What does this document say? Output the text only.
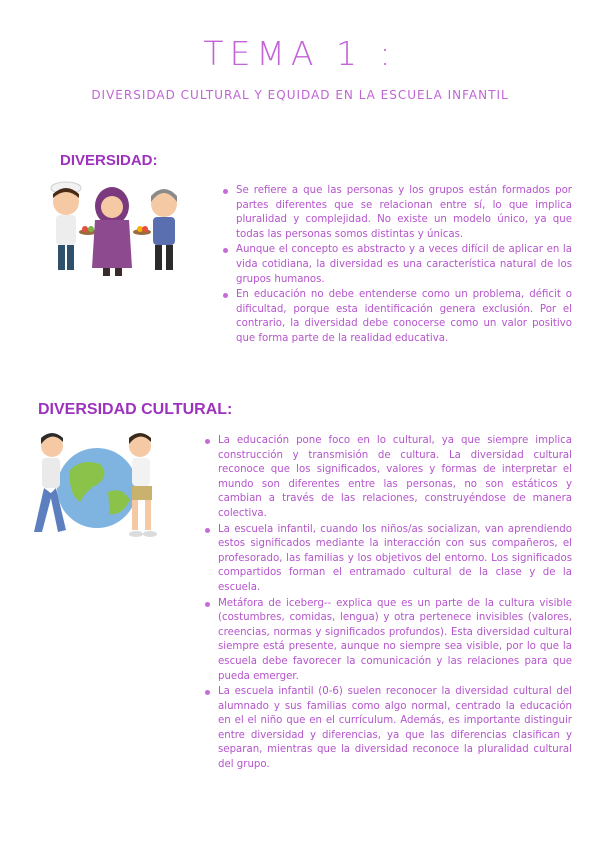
TEMA 1 :
DIVERSIDAD CULTURAL Y EQUIDAD EN LA ESCUELA INFANTIL
DIVERSIDAD:
Se refiere a que las personas y los grupos están formados por partes diferentes que se relacionan entre sí, lo que implica pluralidad y complejidad. No existe un modelo único, ya que todas las personas somos distintas y únicas.
Aunque el concepto es abstracto y a veces difícil de aplicar en la vida cotidiana, la diversidad es una característica natural de los grupos humanos.
En educación no debe entenderse como un problema, déficit o dificultad, porque esta identificación genera exclusión. Por el contrario, la diversidad debe conocerse como un valor positivo que forma parte de la realidad educativa.
DIVERSIDAD CULTURAL:
La educación pone foco en lo cultural, ya que siempre implica construcción y transmisión de cultura. La diversidad cultural reconoce que los significados, valores y formas de interpretar el mundo son diferentes entre las personas, no son estáticos y cambian a través de las relaciones, construyéndose de manera colectiva.
La escuela infantil, cuando los niños/as socializan, van aprendiendo estos significados mediante la interacción con sus compañeros, el profesorado, las familias y los objetivos del entorno. Los significados compartidos forman el entramado cultural de la clase y de la escuela.
Metáfora de iceberg-- explica que es un parte de la cultura visible (costumbres, comidas, lengua) y otra pertenece invisibles (valores, creencias, normas y significados profundos). Esta diversidad cultural siempre está presente, aunque no siempre sea visible, por lo que la escuela debe favorecer la comunicación y las relaciones para que pueda emerger.
La escuela infantil (0-6) suelen reconocer la diversidad cultural del alumnado y sus familias como algo normal, centrado la educación en el el niño que en el currículum. Además, es importante distinguir entre diversidad y diferencias, ya que las diferencias clasifican y separan, mientras que la diversidad reconoce la pluralidad cultural del grupo.
